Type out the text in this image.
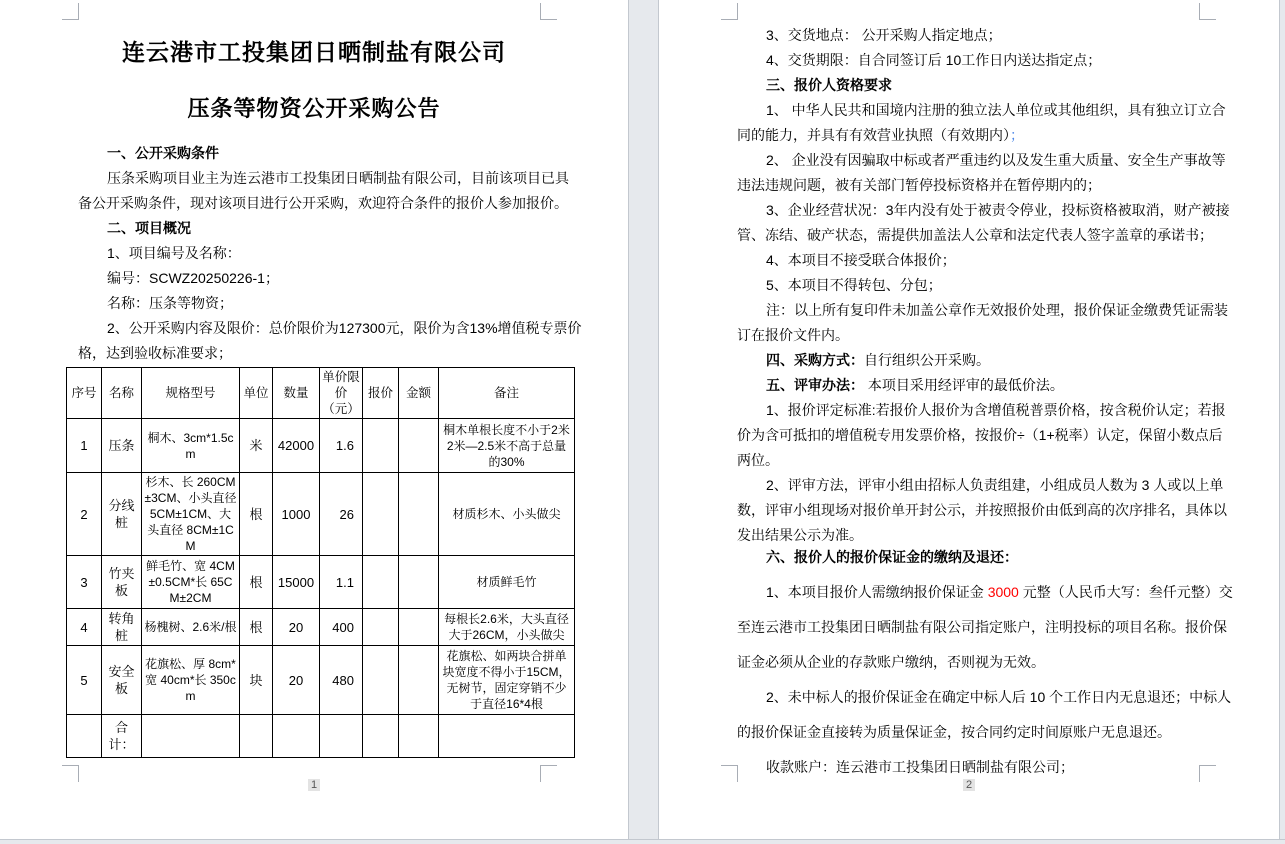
连云港市工投集团日晒制盐有限公司
压条等物资公开采购公告
一、公开采购条件
压条采购项目业主为连云港市工投集团日晒制盐有限公司，目前该项目已具
备公开采购条件，现对该项目进行公开采购，欢迎符合条件的报价人参加报价。
二、项目概况
1、项目编号及名称：
编号：SCWZ20250226-1；
名称：压条等物资；
2、公开采购内容及限价：总价限价为127300元，限价为含13%增值税专票价
格，达到验收标准要求；
序号	名称	规格型号	单位	数量	单价限价（元）	报价	金额	备注
1	压条	桐木、3cm*1.5cm	米	42000	1.6			桐木单根长度不小于2米2米—2.5米不高于总量的30%
2	分线桩	杉木、长 260CM±3CM、小头直径 5CM±1CM、大头直径 8CM±1CM	根	1000	26			材质杉木、小头做尖
3	竹夹板	鲜毛竹、宽 4CM±0.5CM*长 65CM±2CM	根	15000	1.1			材质鲜毛竹
4	转角桩	杨槐树、2.6米/根	根	20	400			每根长2.6米，大头直径大于26CM，小头做尖
5	安全板	花旗松、厚 8cm*宽 40cm*长 350cm	块	20	480			花旗松、如两块合拼单块宽度不得小于15CM，无树节，固定穿销不少于直径16*4根
	合计：							
1
3、交货地点： 公开采购人指定地点；
4、交货期限：自合同签订后 10工作日内送达指定点；
三、报价人资格要求
1、 中华人民共和国境内注册的独立法人单位或其他组织，具有独立订立合
同的能力，并具有有效营业执照（有效期内）；
2、 企业没有因骗取中标或者严重违约以及发生重大质量、安全生产事故等
违法违规问题，被有关部门暂停投标资格并在暂停期内的；
3、企业经营状况：3年内没有处于被责令停业，投标资格被取消，财产被接
管、冻结、破产状态，需提供加盖法人公章和法定代表人签字盖章的承诺书；
4、本项目不接受联合体报价；
5、本项目不得转包、分包；
注：以上所有复印件未加盖公章作无效报价处理，报价保证金缴费凭证需装
订在报价文件内。
四、采购方式：自行组织公开采购。
五、评审办法： 本项目采用经评审的最低价法。
1、报价评定标准:若报价人报价为含增值税普票价格，按含税价认定；若报
价为含可抵扣的增值税专用发票价格，按报价÷（1+税率）认定，保留小数点后
两位。
2、评审方法，评审小组由招标人负责组建，小组成员人数为 3 人或以上单
数，评审小组现场对报价单开封公示，并按照报价由低到高的次序排名，具体以
发出结果公示为准。
六、报价人的报价保证金的缴纳及退还：
1、本项目报价人需缴纳报价保证金 3000 元整（人民币大写：叁仟元整）交
至连云港市工投集团日晒制盐有限公司指定账户，注明投标的项目名称。报价保
证金必须从企业的存款账户缴纳，否则视为无效。
2、未中标人的报价保证金在确定中标人后 10 个工作日内无息退还；中标人
的报价保证金直接转为质量保证金，按合同约定时间原账户无息退还。
收款账户：连云港市工投集团日晒制盐有限公司；
2
